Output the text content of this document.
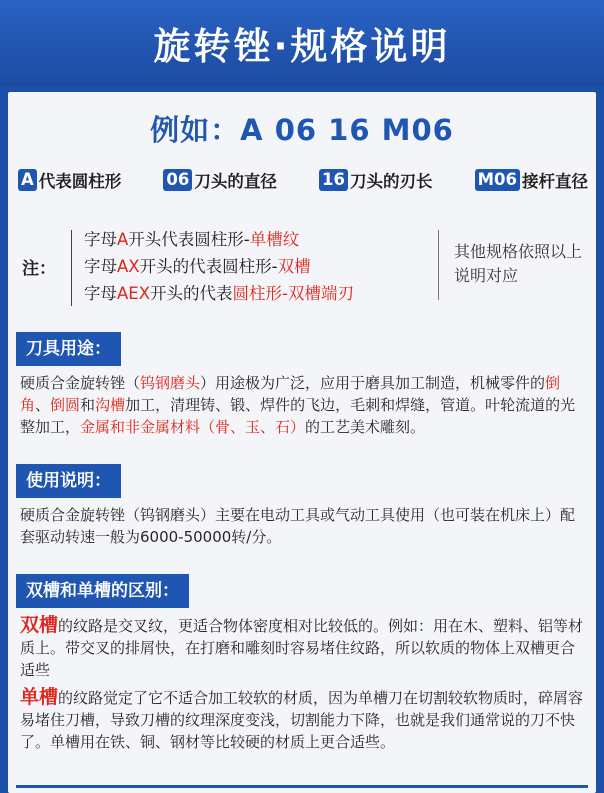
旋转锉·规格说明
例如：A 06 16 M06
A 代表圆柱形	06 刀头的直径	16 刀头的刃长	M06 接杆直径
注：
字母A开头代表圆柱形-单槽纹
字母AX开头的代表圆柱形-双槽
字母AEX开头的代表圆柱形-双槽端刃
其他规格依照以上说明对应
刀具用途：
硬质合金旋转锉（钨钢磨头）用途极为广泛，应用于磨具加工制造，机械零件的倒角、倒圆和沟槽加工，清理铸、锻、焊件的飞边，毛刺和焊缝，管道。叶轮流道的光整加工，金属和非金属材料（骨、玉、石）的工艺美术雕刻。
使用说明：
硬质合金旋转锉（钨钢磨头）主要在电动工具或气动工具使用（也可装在机床上）配套驱动转速一般为6000-50000转/分。
双槽和单槽的区别：
双槽的纹路是交叉纹，更适合物体密度相对比较低的。例如：用在木、塑料、铝等材质上。带交叉的排屑快，在打磨和雕刻时容易堵住纹路，所以软质的物体上双槽更合适些
单槽的纹路觉定了它不适合加工较软的材质，因为单槽刀在切割较软物质时，碎屑容易堵住刀槽，导致刀槽的纹理深度变浅，切割能力下降，也就是我们通常说的刀不快了。单槽用在铁、铜、钢材等比较硬的材质上更合适些。
